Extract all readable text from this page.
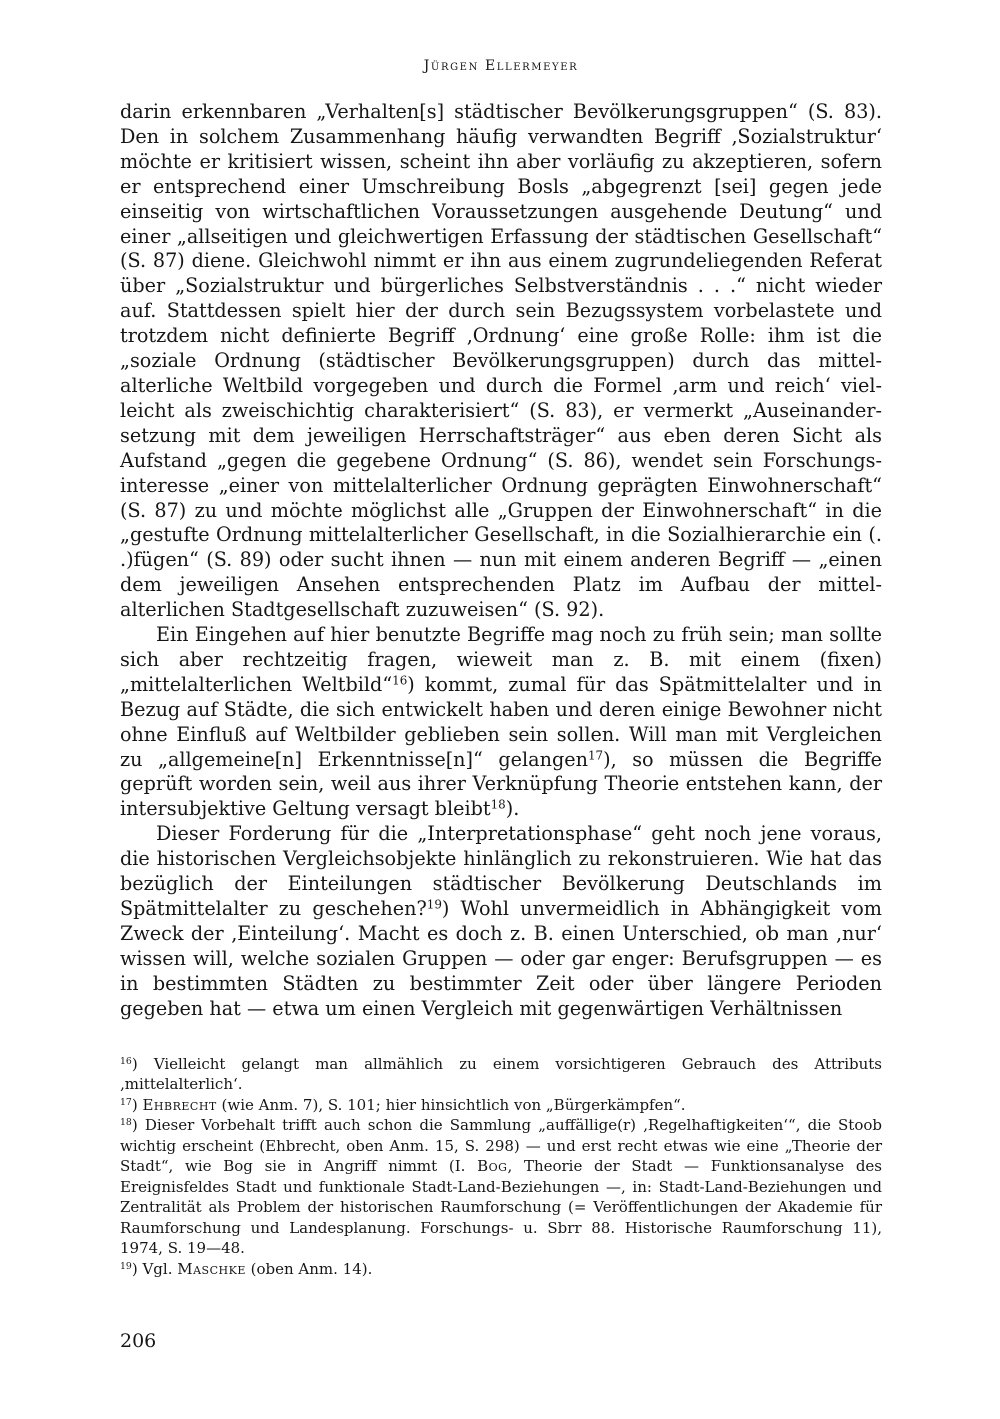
Jürgen Ellermeyer

darin erkennbaren „Verhalten[s] städtischer Bevölkerungsgruppen“ (S. 83). Den in solchem Zusammenhang häufig verwandten Begriff ‚Sozialstruktur‘ möchte er kritisiert wissen, scheint ihn aber vorläufig zu akzeptieren, sofern er entsprechend einer Umschreibung Bosls „abgegrenzt [sei] gegen jede einseitig von wirtschaftlichen Voraussetzungen ausgehende Deutung“ und einer „allseitigen und gleichwertigen Erfassung der städtischen Gesellschaft“ (S. 87) diene. Gleichwohl nimmt er ihn aus einem zugrundeliegenden Referat über „Sozialstruktur und bürgerliches Selbstverständnis . . .“ nicht wieder auf. Stattdessen spielt hier der durch sein Bezugssystem vorbelastete und trotzdem nicht definierte Begriff ‚Ordnung‘ eine große Rolle: ihm ist die „soziale Ordnung (städtischer Bevölkerungsgruppen) durch das mittelalterliche Weltbild vorgegeben und durch die Formel ‚arm und reich‘ vielleicht als zweischichtig charakterisiert“ (S. 83), er vermerkt „Auseinandersetzung mit dem jeweiligen Herrschaftsträger“ aus eben deren Sicht als Aufstand „gegen die gegebene Ordnung“ (S. 86), wendet sein Forschungsinteresse „einer von mittelalterlicher Ordnung geprägten Einwohnerschaft“ (S. 87) zu und möchte möglichst alle „Gruppen der Einwohnerschaft“ in die „gestufte Ordnung mittelalterlicher Gesellschaft, in die Sozialhierarchie ein (. .)fügen“ (S. 89) oder sucht ihnen — nun mit einem anderen Begriff — „einen dem jeweiligen Ansehen entsprechenden Platz im Aufbau der mittelalterlichen Stadtgesellschaft zuzuweisen“ (S. 92).

Ein Eingehen auf hier benutzte Begriffe mag noch zu früh sein; man sollte sich aber rechtzeitig fragen, wieweit man z. B. mit einem (fixen) „mittelalterlichen Weltbild“$^{16}$) kommt, zumal für das Spätmittelalter und in Bezug auf Städte, die sich entwickelt haben und deren einige Bewohner nicht ohne Einfluß auf Weltbilder geblieben sein sollen. Will man mit Vergleichen zu „allgemeine[n] Erkenntnisse[n]“ gelangen$^{17}$), so müssen die Begriffe geprüft worden sein, weil aus ihrer Verknüpfung Theorie entstehen kann, der intersubjektive Geltung versagt bleibt$^{18}$).

Dieser Forderung für die „Interpretationsphase“ geht noch jene voraus, die historischen Vergleichsobjekte hinlänglich zu rekonstruieren. Wie hat das bezüglich der Einteilungen städtischer Bevölkerung Deutschlands im Spätmittelalter zu geschehen?$^{19}$) Wohl unvermeidlich in Abhängigkeit vom Zweck der ‚Einteilung‘. Macht es doch z. B. einen Unterschied, ob man ‚nur‘ wissen will, welche sozialen Gruppen — oder gar enger: Berufsgruppen — es in bestimmten Städten zu bestimmter Zeit oder über längere Perioden gegeben hat — etwa um einen Vergleich mit gegenwärtigen Verhältnissen

$^{16}$) Vielleicht gelangt man allmählich zu einem vorsichtigeren Gebrauch des Attributs ‚mittelalterlich‘.

$^{17}$) Ehbrecht (wie Anm. 7), S. 101; hier hinsichtlich von „Bürgerkämpfen“.

$^{18}$) Dieser Vorbehalt trifft auch schon die Sammlung „auffällige(r) ‚Regelhaftigkeiten‘“, die Stoob wichtig erscheint (Ehbrecht, oben Anm. 15, S. 298) — und erst recht etwas wie eine „Theorie der Stadt“, wie Bog sie in Angriff nimmt (I. Bog, Theorie der Stadt — Funktionsanalyse des Ereignisfeldes Stadt und funktionale Stadt-Land-Beziehungen —, in: Stadt-Land-Beziehungen und Zentralität als Problem der historischen Raumforschung (= Veröffentlichungen der Akademie für Raumforschung und Landesplanung. Forschungs- u. Sbrr 88. Historische Raumforschung 11), 1974, S. 19—48.

$^{19}$) Vgl. Maschke (oben Anm. 14).

206
